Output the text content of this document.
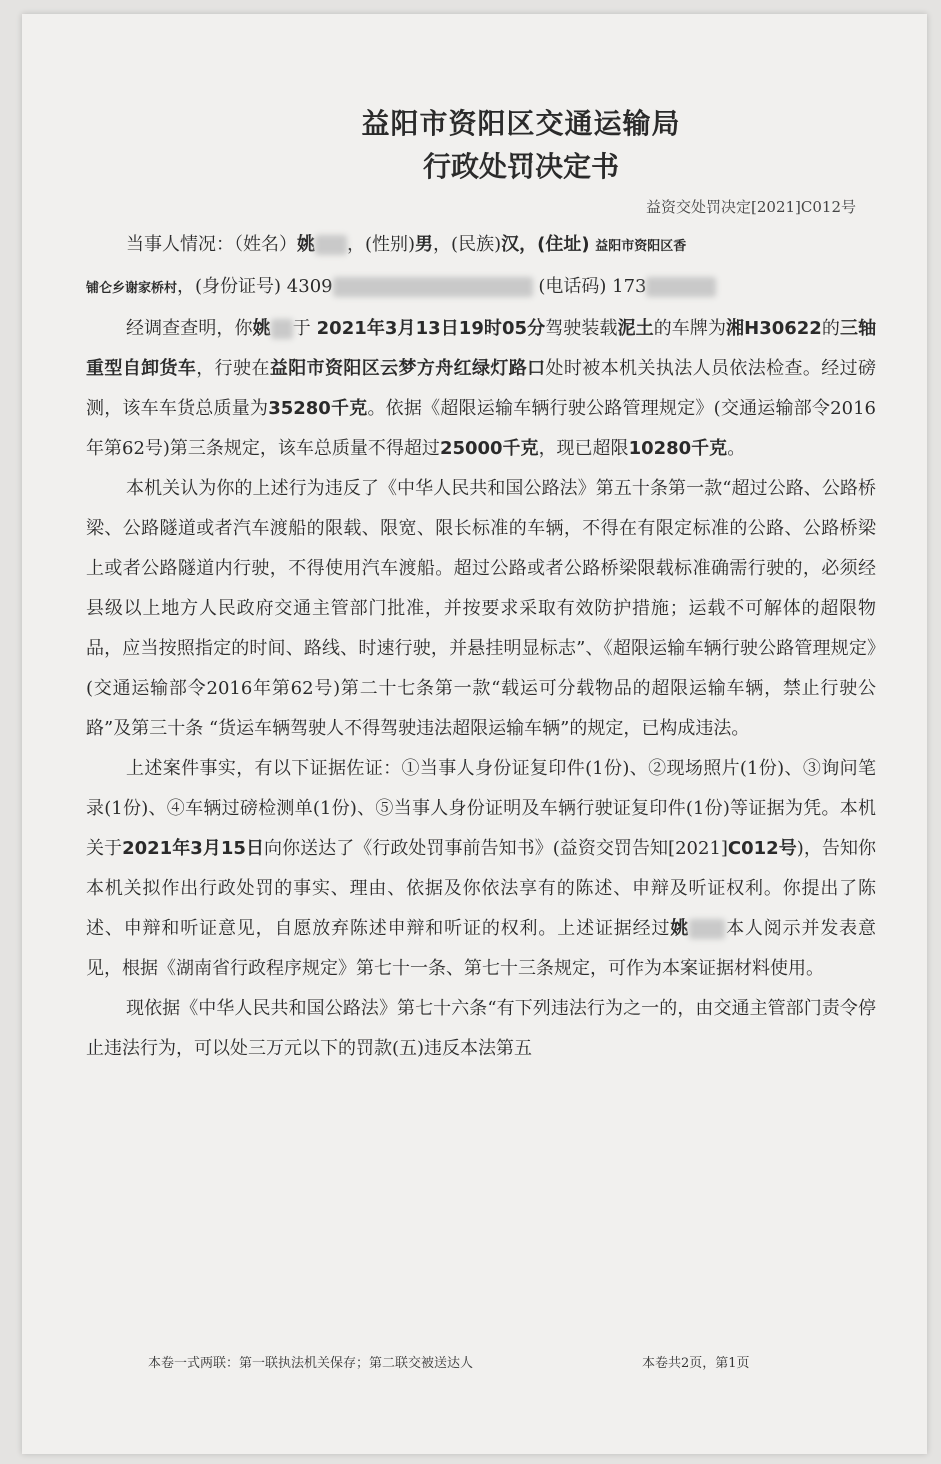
益阳市资阳区交通运输局
行政处罚决定书
益资交处罚决定[2021]C012号

当事人情况：（姓名）姚 ，(性别)男，(民族)汉，(住址) 益阳市资阳区香
铺仑乡谢家桥村，(身份证号) 4309	(电话码) 173

经调查查明，你姚 于 2021年3月13日19时05分驾驶装载泥土的车牌为湘H30622的三轴重型自卸货车，行驶在益阳市资阳区云梦方舟红绿灯路口处时被本机关执法人员依法检查。经过磅测，该车车货总质量为35280千克。依据《超限运输车辆行驶公路管理规定》(交通运输部令2016年第62号)第三条规定，该车总质量不得超过25000千克，现已超限10280千克。

本机关认为你的上述行为违反了《中华人民共和国公路法》第五十条第一款“超过公路、公路桥梁、公路隧道或者汽车渡船的限载、限宽、限长标准的车辆，不得在有限定标准的公路、公路桥梁上或者公路隧道内行驶，不得使用汽车渡船。超过公路或者公路桥梁限载标准确需行驶的，必须经县级以上地方人民政府交通主管部门批准，并按要求采取有效防护措施；运载不可解体的超限物品，应当按照指定的时间、路线、时速行驶，并悬挂明显标志”、《超限运输车辆行驶公路管理规定》(交通运输部令2016年第62号)第二十七条第一款“载运可分载物品的超限运输车辆，禁止行驶公路”及第三十条 “货运车辆驾驶人不得驾驶违法超限运输车辆”的规定，已构成违法。

上述案件事实，有以下证据佐证：①当事人身份证复印件(1份)、②现场照片(1份)、③询问笔录(1份)、④车辆过磅检测单(1份)、⑤当事人身份证明及车辆行驶证复印件(1份)等证据为凭。本机关于2021年3月15日向你送达了《行政处罚事前告知书》(益资交罚告知[2021]C012号)，告知你本机关拟作出行政处罚的事实、理由、依据及你依法享有的陈述、申辩及听证权利。你提出了陈述、申辩和听证意见，自愿放弃陈述申辩和听证的权利。上述证据经过姚 本人阅示并发表意见，根据《湖南省行政程序规定》第七十一条、第七十三条规定，可作为本案证据材料使用。

现依据《中华人民共和国公路法》第七十六条“有下列违法行为之一的，由交通主管部门责令停止违法行为，可以处三万元以下的罚款(五)违反本法第五

本卷一式两联：第一联执法机关保存；第二联交被送达人	本卷共2页，第1页
